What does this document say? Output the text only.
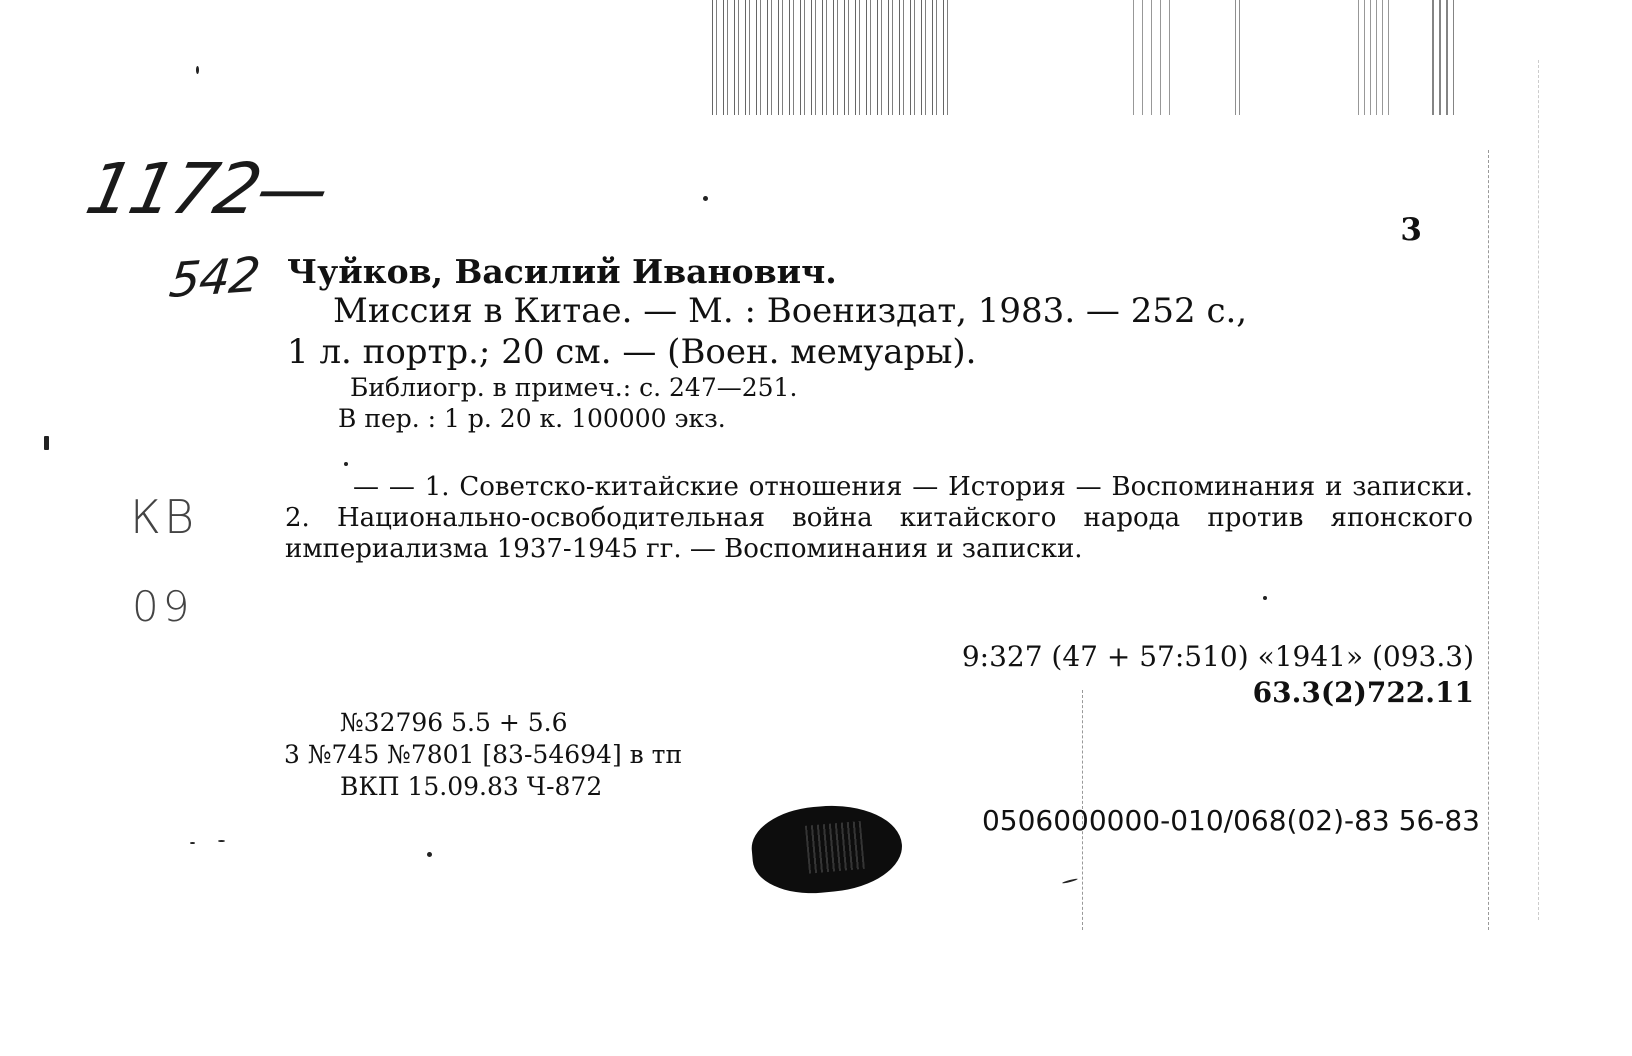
1172—
542
КВ
09
3
Чуйков, Василий Иванович.
Миссия в Китае. — М. : Воениздат, 1983. — 252 с.,
1 л. портр.; 20 см. — (Воен. мемуары).
Библиогр. в примеч.: с. 247—251.
В пер. : 1 р. 20 к. 100000 экз.
— — 1. Советско-китайские отношения — История — Воспоминания и записки. 2. Национально-освободительная война китайского народа против японского империализма 1937-1945 гг. — Воспоминания и записки.
9:327 (47 + 57:510) «1941» (093.3)
63.3(2)722.11
№32796 5.5 + 5.6
3 №745 №7801 [83-54694] в тп
ВКП 15.09.83 Ч-872
0506000000-010/068(02)-83 56-83
